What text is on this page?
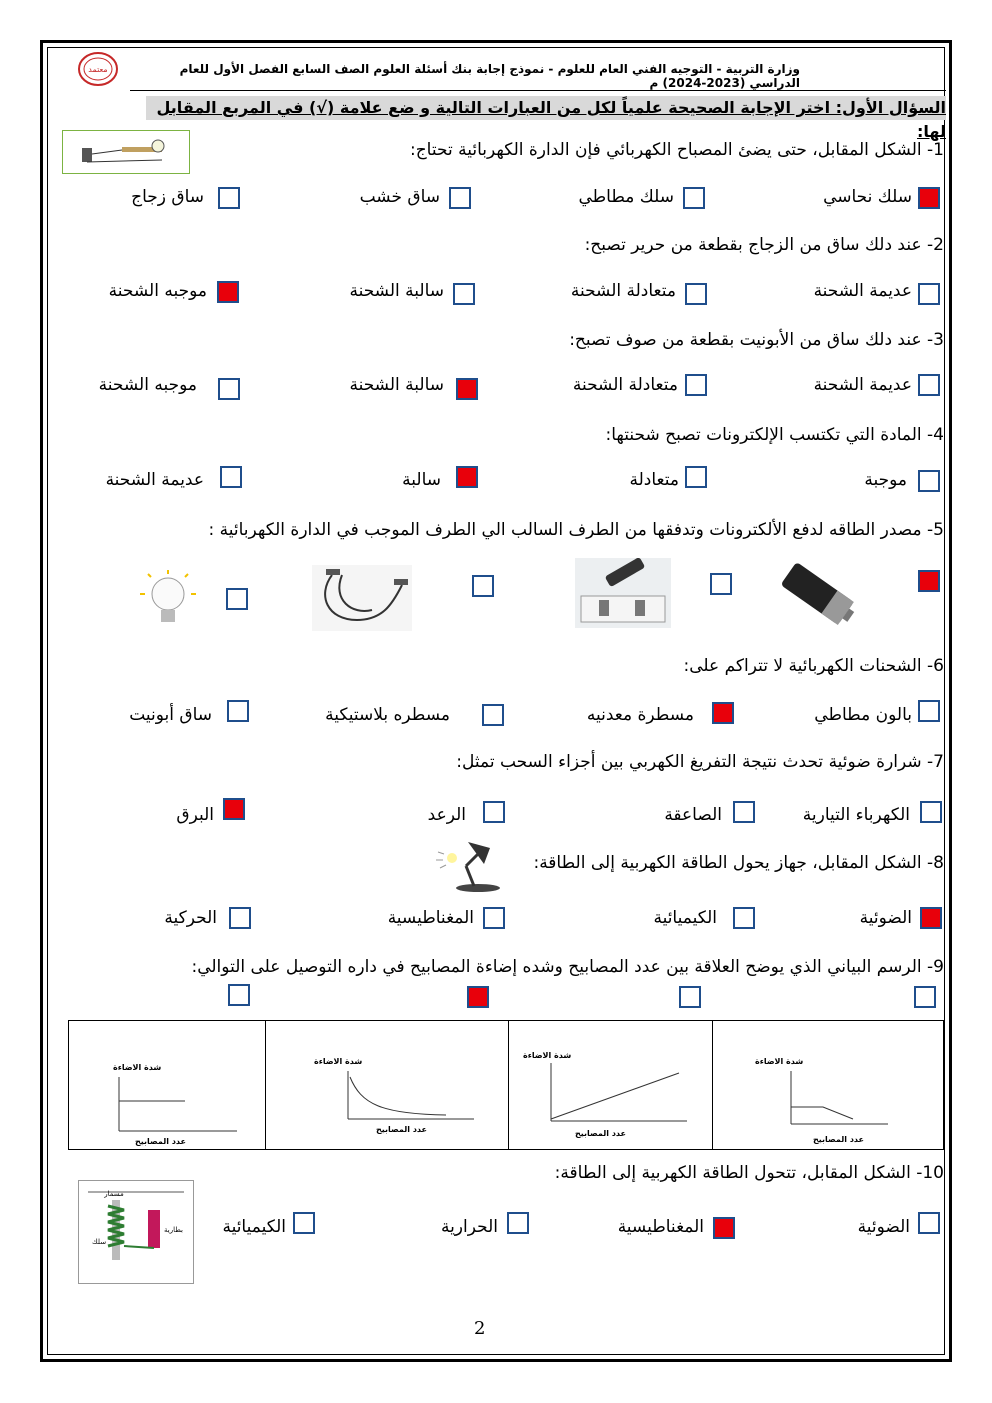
معتمد	وزارة التربية - التوجيه الفني العام للعلوم - نموذج إجابة بنك أسئلة العلوم الصف السابع الفصل الأول للعام الدراسي (2023-2024) م
السؤال الأول: اختر الإجابة الصحيحة علمياً لكل من العبارات التالية و ضع علامة (√) في المربع المقابل لها:
1- الشكل المقابل، حتى يضئ المصباح الكهربائي فإن الدارة الكهربائية تحتاج:
سلك نحاسي
سلك مطاطي
ساق خشب
ساق زجاج
2- عند دلك ساق من الزجاج بقطعة من حرير تصبح:
عديمة الشحنة
متعادلة الشحنة
سالبة الشحنة
موجبه الشحنة
3- عند دلك ساق من الأبونيت بقطعة من صوف تصبح:
عديمة الشحنة
متعادلة الشحنة
سالبة الشحنة
موجبه الشحنة
4- المادة التي تكتسب الإلكترونات تصبح شحنتها:
موجبة
متعادلة
سالبة
عديمة الشحنة
5- مصدر الطاقه لدفع الألكترونات وتدفقها من الطرف السالب الي الطرف الموجب في الدارة الكهربائية :
6- الشحنات الكهربائية لا تتراكم على:
بالون مطاطي
مسطرة معدنيه
مسطره بلاستيكية
ساق أبونيت
7- شرارة ضوئية تحدث نتيجة التفريغ الكهربي بين أجزاء السحب تمثل:
الكهرباء التيارية
الصاعقة
الرعد
البرق
8- الشكل المقابل، جهاز يحول الطاقة الكهربية إلى الطاقة:
الضوئية
الكيميائية
المغناطيسية
الحركية
9- الرسم البياني الذي يوضح العلاقة بين عدد المصابيح وشده إضاءة المصابيح في داره التوصيل على التوالي:
شدة الاضاءة
عدد المصابيح
شدة الاضاءة
عدد المصابيح
شدة الاضاءة
عدد المصابيح
شدة الاضاءة
عدد المصابيح
10- الشكل المقابل، تتحول الطاقة الكهربية إلى الطاقة:
مسمار
بطارية
سلك
الضوئية
المغناطيسية
الحرارية
الكيميائية
2
